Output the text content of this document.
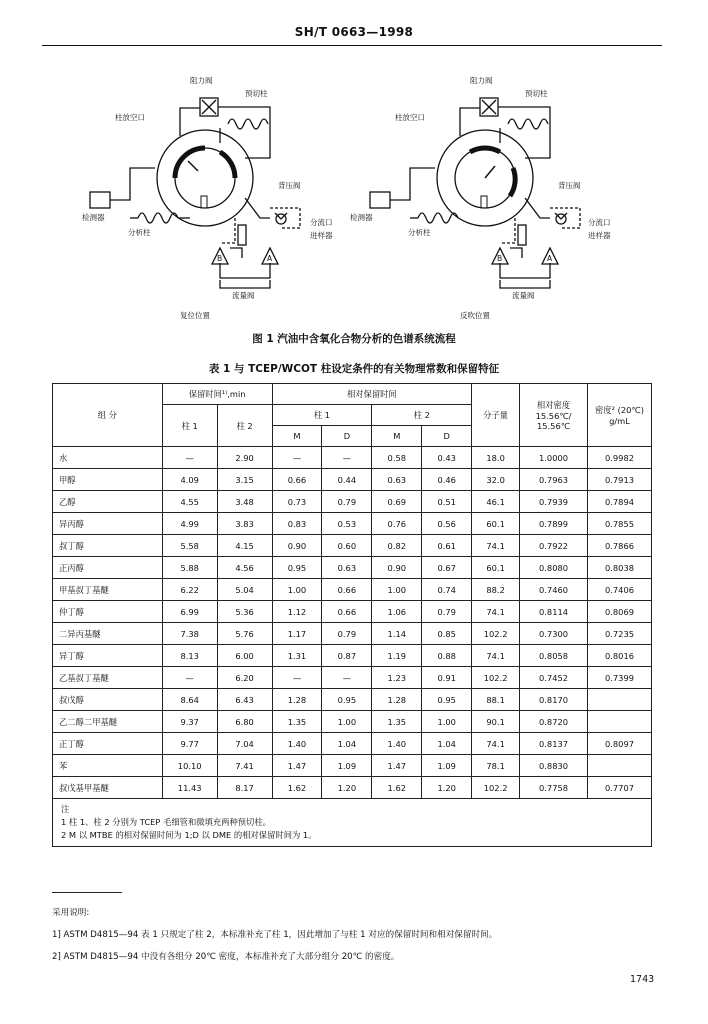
SH/T 0663—1998
阻力阀
预切柱
柱放空口
背压阀
检测器
分流口
进样器
分析柱
流量阀
B	A
复位位置
阻力阀
预切柱
柱放空口
背压阀
检测器
分流口
进样器
分析柱
流量阀
B	A
反吹位置
图 1 汽油中含氧化合物分析的色谱系统流程
表 1 与 TCEP/WCOT 柱设定条件的有关物理常数和保留特征
组 分	保留时间¹⁾,min		相对保留时间				分子量	相对密度 15.56℃/ 15.56℃	密度² (20℃) g/mL
	柱 1	柱 2	柱 1		柱 2				
			M	D	M	D			
水	—	2.90	—	—	0.58	0.43	18.0	1.0000	0.9982
甲醇	4.09	3.15	0.66	0.44	0.63	0.46	32.0	0.7963	0.7913
乙醇	4.55	3.48	0.73	0.79	0.69	0.51	46.1	0.7939	0.7894
异丙醇	4.99	3.83	0.83	0.53	0.76	0.56	60.1	0.7899	0.7855
叔丁醇	5.58	4.15	0.90	0.60	0.82	0.61	74.1	0.7922	0.7866
正丙醇	5.88	4.56	0.95	0.63	0.90	0.67	60.1	0.8080	0.8038
甲基叔丁基醚	6.22	5.04	1.00	0.66	1.00	0.74	88.2	0.7460	0.7406
仲丁醇	6.99	5.36	1.12	0.66	1.06	0.79	74.1	0.8114	0.8069
二异丙基醚	7.38	5.76	1.17	0.79	1.14	0.85	102.2	0.7300	0.7235
异丁醇	8.13	6.00	1.31	0.87	1.19	0.88	74.1	0.8058	0.8016
乙基叔丁基醚	—	6.20	—	—	1.23	0.91	102.2	0.7452	0.7399
叔戊醇	8.64	6.43	1.28	0.95	1.28	0.95	88.1	0.8170	
乙二醇二甲基醚	9.37	6.80	1.35	1.00	1.35	1.00	90.1	0.8720	
正丁醇	9.77	7.04	1.40	1.04	1.40	1.04	74.1	0.8137	0.8097
苯	10.10	7.41	1.47	1.09	1.47	1.09	78.1	0.8830	
叔戊基甲基醚	11.43	8.17	1.62	1.20	1.62	1.20	102.2	0.7758	0.7707

注
1 柱 1、柱 2 分别为 TCEP 毛细管和微填充两种预切柱。
2 M 以 MTBE 的相对保留时间为 1;D 以 DME 的相对保留时间为 1。									
采用说明:
1] ASTM D4815—94 表 1 只规定了柱 2，本标准补充了柱 1，因此增加了与柱 1 对应的保留时间和相对保留时间。
2] ASTM D4815—94 中没有各组分 20℃ 密度，本标准补充了大部分组分 20℃ 的密度。
1743
